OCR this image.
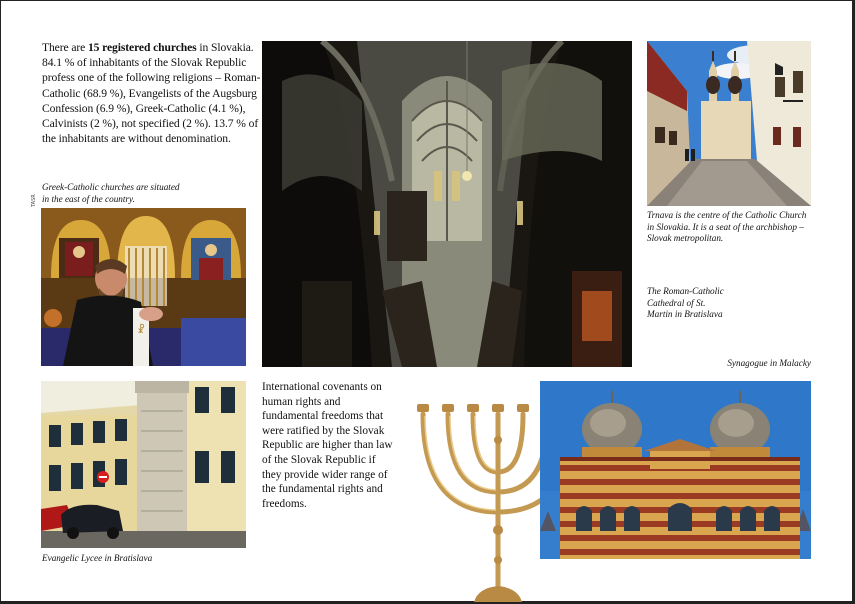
There are 15 registered churches in Slovakia. 84.1 % of inhabitants of the Slovak Republic profess one of the following religions – Roman-Catholic (68.9 %), Evangelists of the Augsburg Confession (6.9 %), Greek-Catholic (4.1 %), Calvinists (2 %), not specified (2 %). 13.7 % of the inhabitants are without denomination.
Greek-Catholic churches are situated
in the east of the country.
TASR
☧
Trnava is the centre of the Catholic Church
in Slovakia. It is a seat of the archbishop –
Slovak metropolitan.
The Roman-Catholic
Cathedral of St.
Martin in Bratislava
Synagogue in Malacky
Evangelic Lycee in Bratislava
International covenants on human rights and fundamental freedoms that were ratified by the Slovak Republic are higher than law of the Slovak Republic if they provide wider range of the fundamental rights and freedoms.
